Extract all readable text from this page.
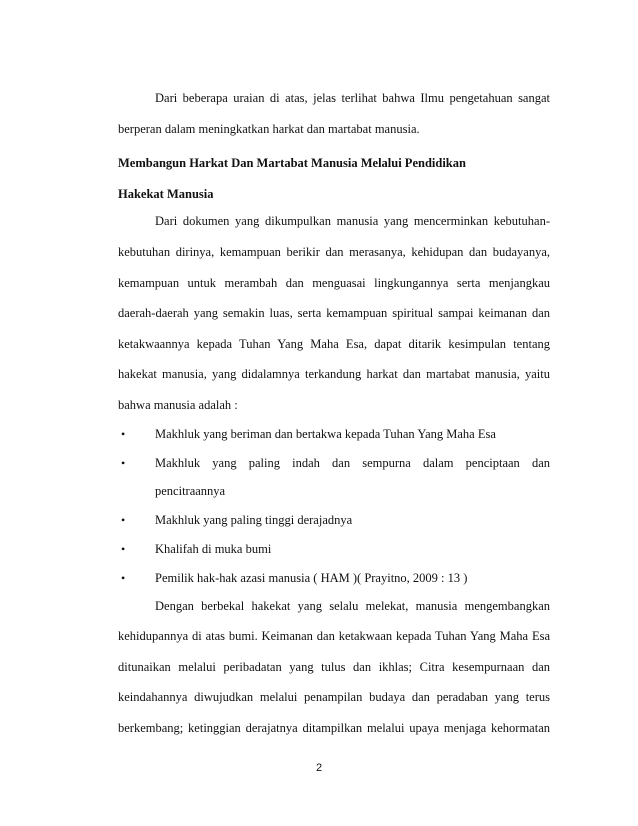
Dari beberapa uraian di atas, jelas terlihat bahwa Ilmu pengetahuan sangat
berperan dalam meningkatkan harkat dan martabat manusia.
Membangun Harkat Dan Martabat Manusia Melalui Pendidikan
Hakekat Manusia
Dari dokumen yang dikumpulkan manusia yang mencerminkan kebutuhan-
kebutuhan dirinya, kemampuan berikir dan merasanya, kehidupan dan budayanya,
kemampuan untuk merambah dan menguasai lingkungannya serta menjangkau
daerah-daerah yang semakin luas, serta kemampuan spiritual sampai keimanan dan
ketakwaannya kepada Tuhan Yang Maha Esa, dapat ditarik kesimpulan tentang
hakekat manusia, yang didalamnya terkandung harkat dan martabat manusia, yaitu
bahwa manusia adalah :
•	Makhluk yang beriman dan bertakwa kepada Tuhan Yang Maha Esa
•	Makhluk yang paling indah dan sempurna dalam penciptaan dan
pencitraannya
•	Makhluk yang paling tinggi derajadnya
•	Khalifah di muka bumi
•	Pemilik hak-hak azasi manusia ( HAM )( Prayitno, 2009 : 13 )
Dengan berbekal hakekat yang selalu melekat, manusia mengembangkan
kehidupannya di atas bumi. Keimanan dan ketakwaan kepada Tuhan Yang Maha Esa
ditunaikan melalui peribadatan yang tulus dan ikhlas; Citra kesempurnaan dan
keindahannya diwujudkan melalui penampilan budaya dan peradaban yang terus
berkembang; ketinggian derajatnya ditampilkan melalui upaya menjaga kehormatan
2
